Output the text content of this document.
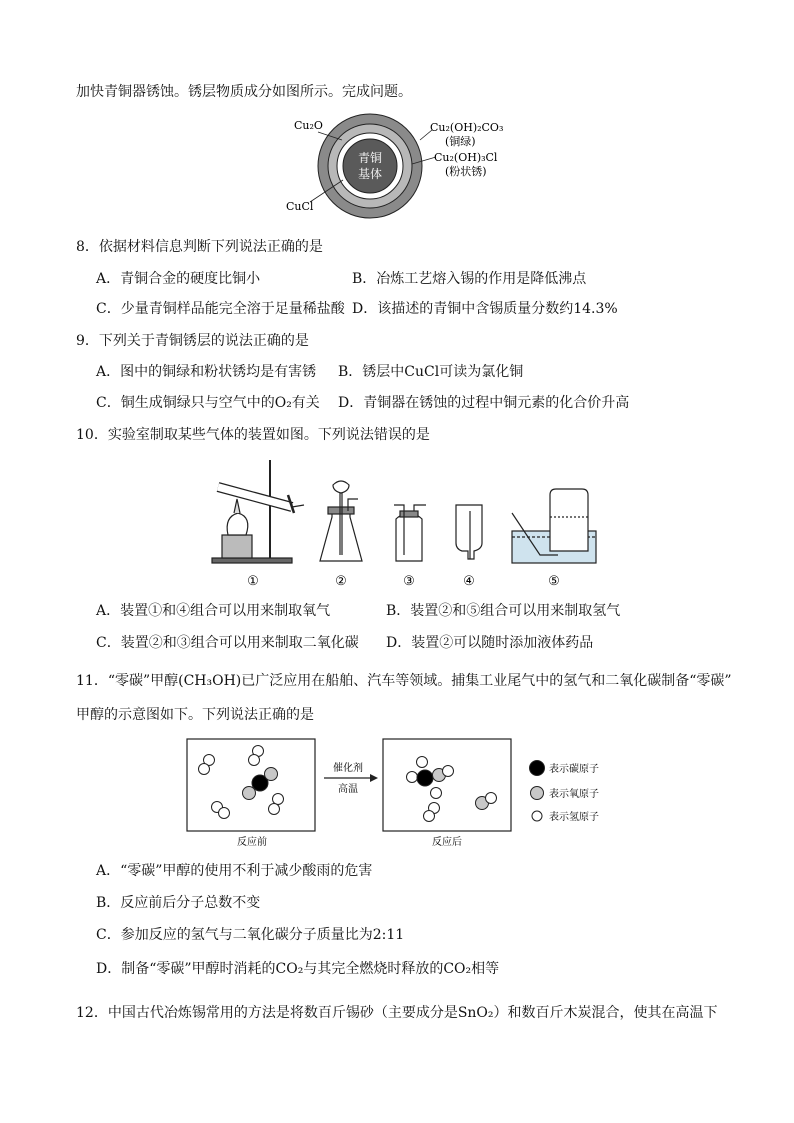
加快青铜器锈蚀。锈层物质成分如图所示。完成问题。
青铜
基体
Cu₂O
CuCl
Cu₂(OH)₂CO₃
(铜绿)
Cu₂(OH)₃Cl
(粉状锈)
8．依据材料信息判断下列说法正确的是
A．青铜合金的硬度比铜小	B．冶炼工艺熔入锡的作用是降低沸点
C．少量青铜样品能完全溶于足量稀盐酸 D．该描述的青铜中含锡质量分数约14.3%
9．下列关于青铜锈层的说法正确的是
A．图中的铜绿和粉状锈均是有害锈 B．锈层中CuCl可读为氯化铜
C．铜生成铜绿只与空气中的O₂有关 D．青铜器在锈蚀的过程中铜元素的化合价升高
10．实验室制取某些气体的装置如图。下列说法错误的是
①	②	③	④	⑤
A．装置①和④组合可以用来制取氧气	B．装置②和⑤组合可以用来制取氢气
C．装置②和③组合可以用来制取二氧化碳 D．装置②可以随时添加液体药品
11．“零碳”甲醇(CH₃OH)已广泛应用在船舶、汽车等领域。捕集工业尾气中的氢气和二氧化碳制备“零碳”
甲醇的示意图如下。下列说法正确的是
催化剂
高温
反应前	反应后
表示碳原子
表示氧原子
表示氢原子
A．“零碳”甲醇的使用不利于减少酸雨的危害
B．反应前后分子总数不变
C．参加反应的氢气与二氧化碳分子质量比为2:11
D．制备“零碳”甲醇时消耗的CO₂与其完全燃烧时释放的CO₂相等
12．中国古代冶炼锡常用的方法是将数百斤锡砂（主要成分是SnO₂）和数百斤木炭混合，使其在高温下
